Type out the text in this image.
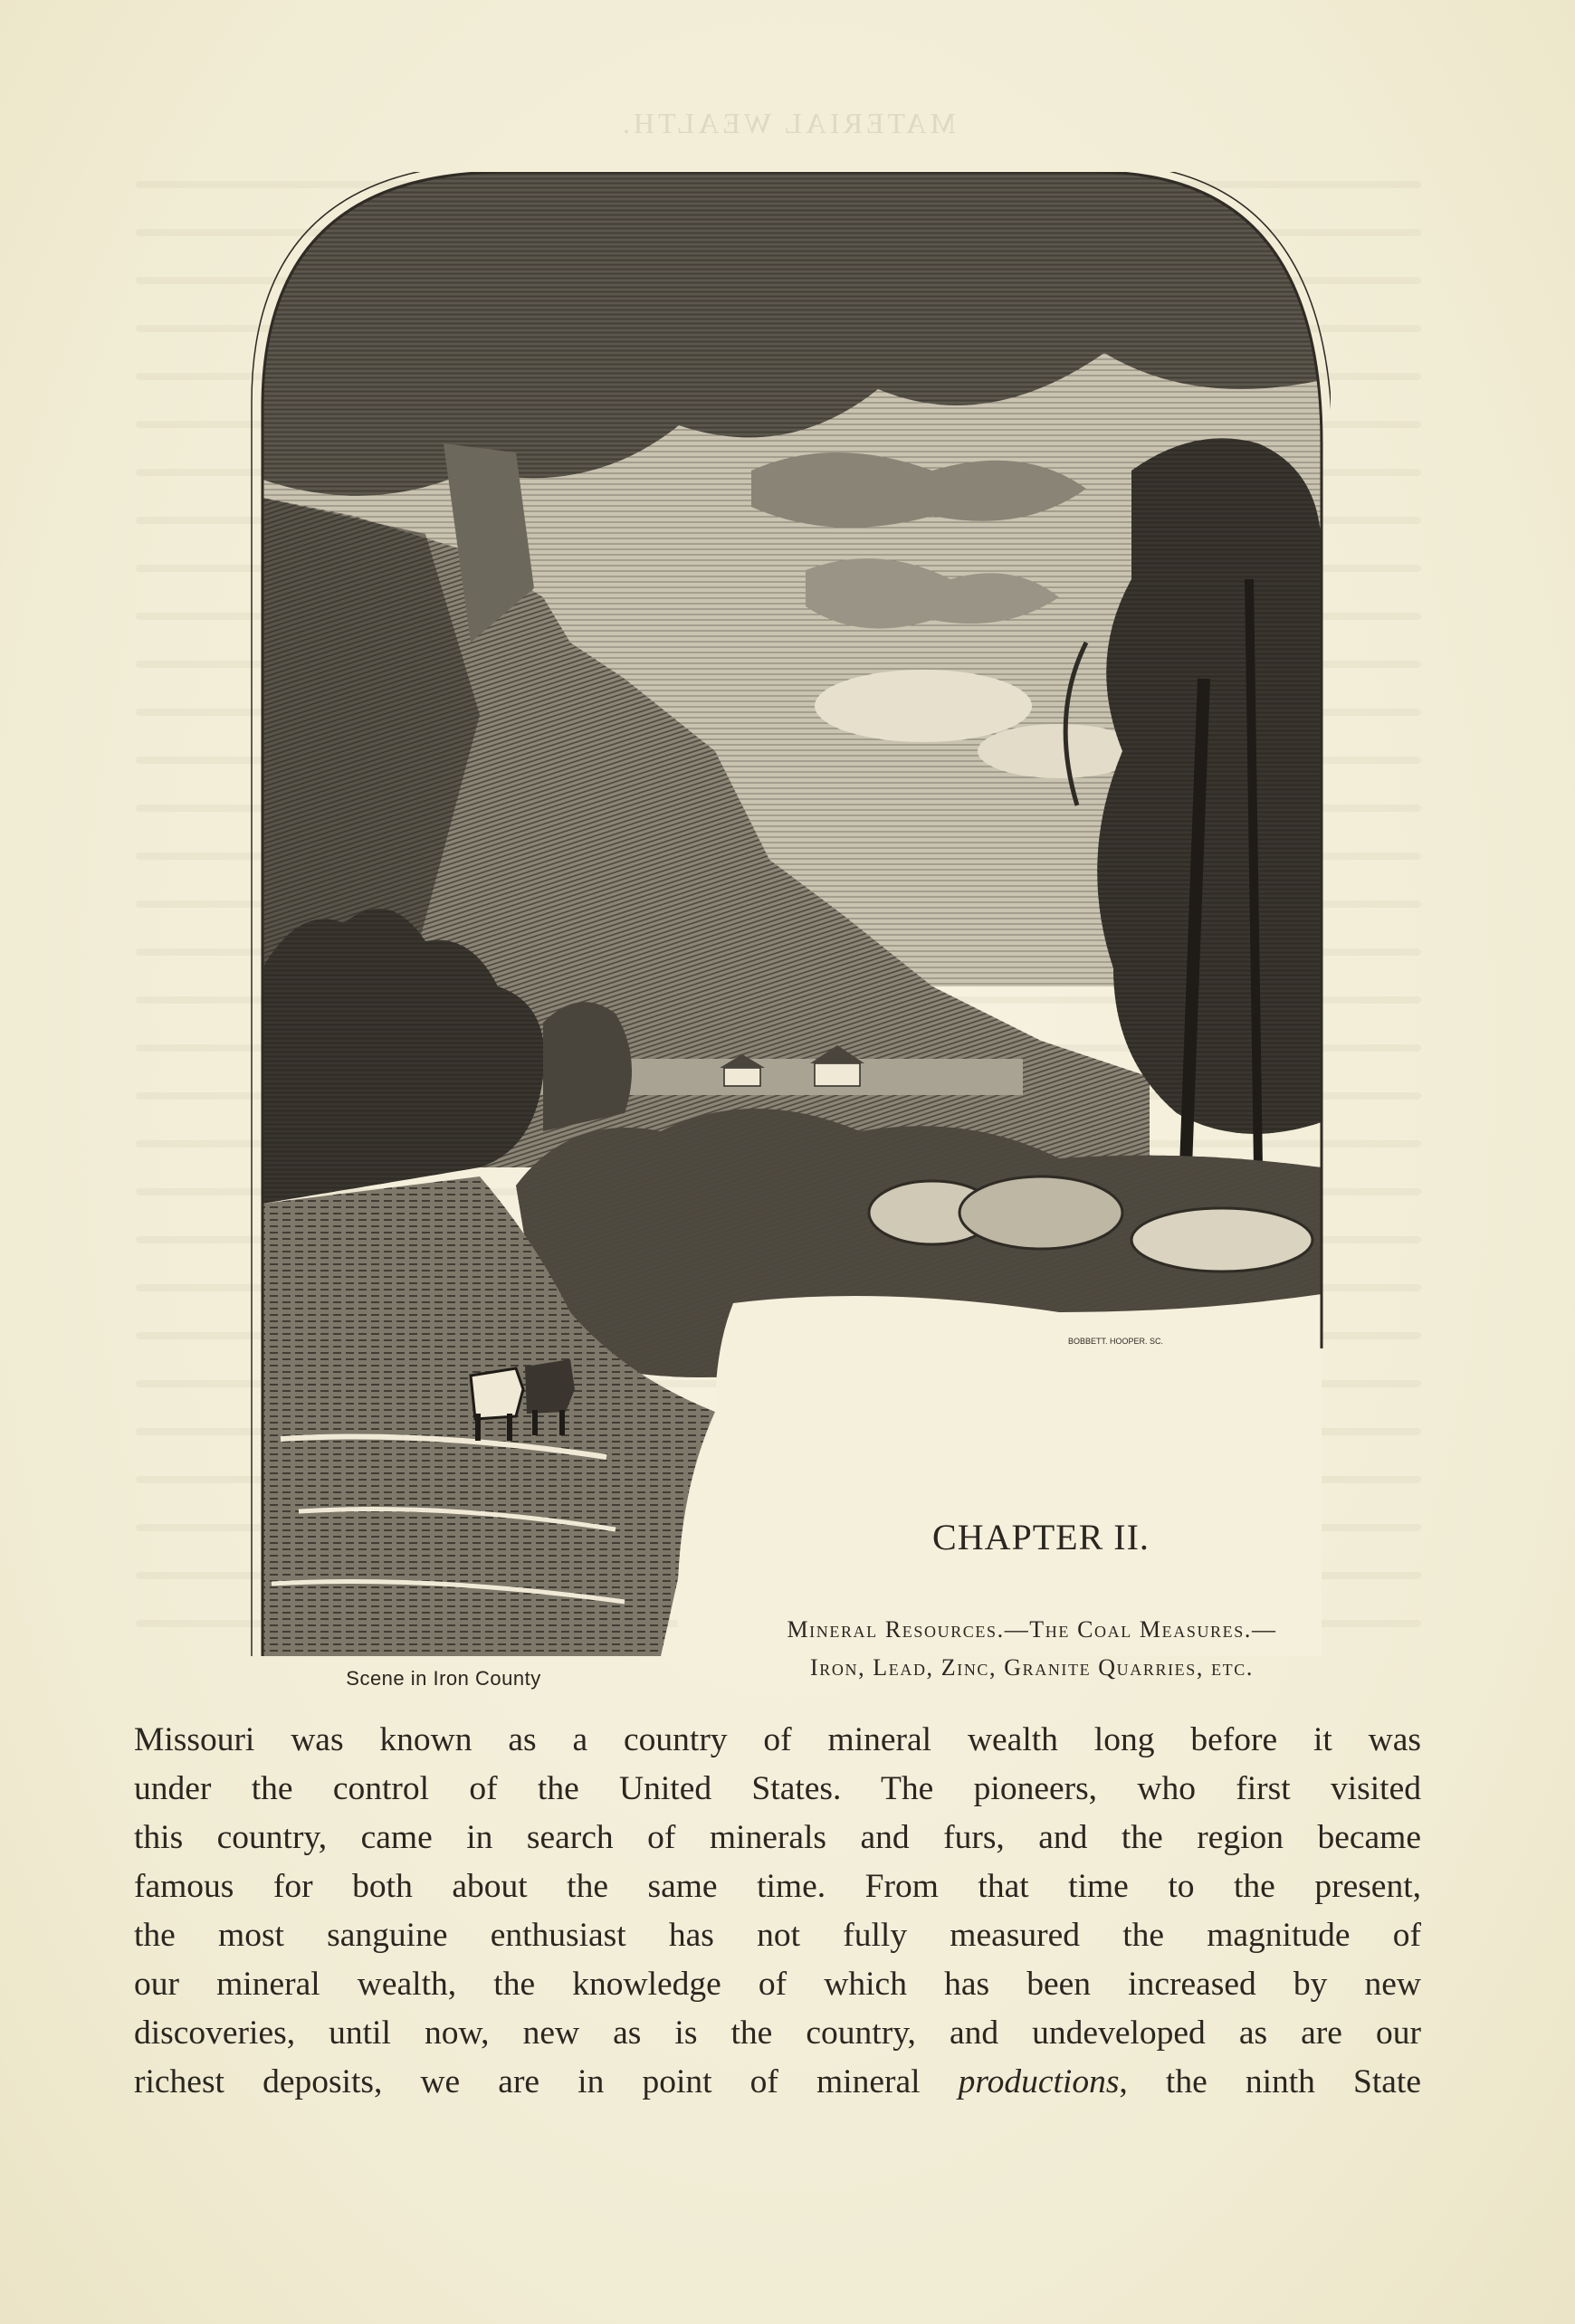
MATERIAL WEALTH.
BOBBETT. HOOPER. SC.
Scene in Iron County
CHAPTER II.
Mineral Resources.—The Coal Measures.—
Iron, Lead, Zinc, Granite Quarries, etc.
Missouri was known as a country of mineral wealth long before it was
under the control of the United States. The pioneers, who first visited
this country, came in search of minerals and furs, and the region became
famous for both about the same time. From that time to the present,
the most sanguine enthusiast has not fully measured the magnitude of
our mineral wealth, the knowledge of which has been increased by new
discoveries, until now, new as is the country, and undeveloped as are our
richest deposits, we are in point of mineral productions, the ninth State
